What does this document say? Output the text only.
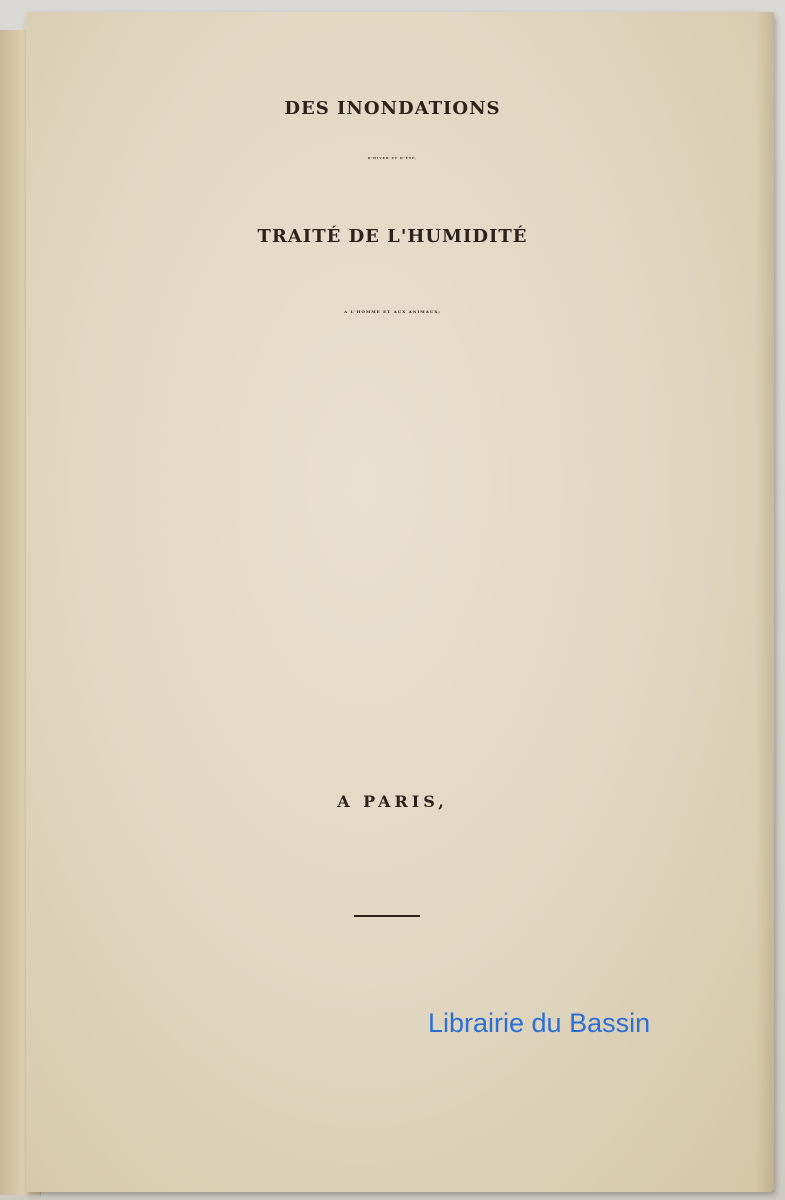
DES INONDATIONS

D'HIVER ET D'ÉTÉ,

TRAITÉ DE L'HUMIDITÉ

A L'HOMME ET AUX ANIMAUX;

A PARIS,

Librairie du Bassin
